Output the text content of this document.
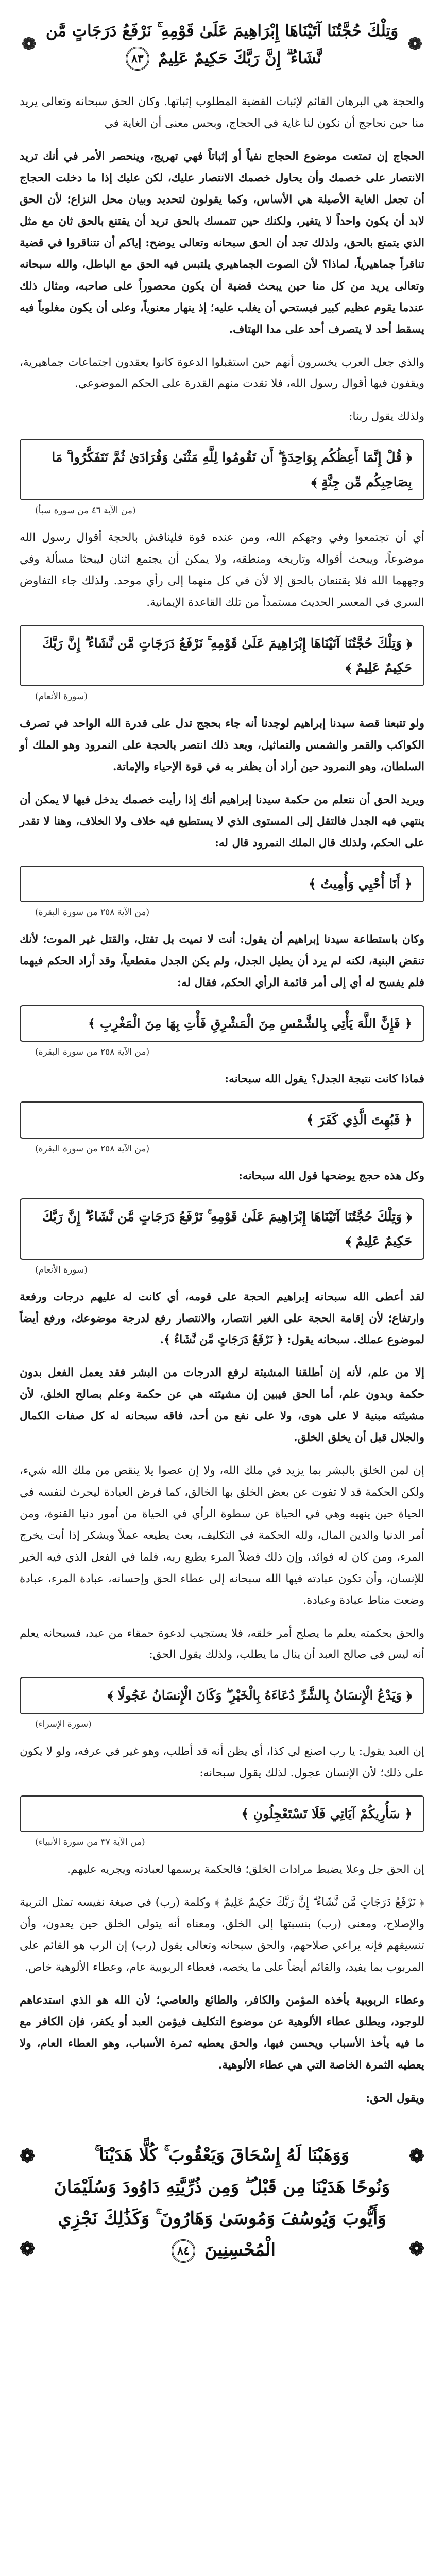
❁
وَتِلْكَ حُجَّتُنَا آتَيْنَاهَا إِبْرَاهِيمَ عَلَىٰ قَوْمِهِ ۚ نَرْفَعُ دَرَجَاتٍ مَّن نَّشَاءُ ۗ إِنَّ رَبَّكَ حَكِيمٌ عَلِيمٌ ٨٣
❁

والحجة هي البرهان القائم لإثبات القضية المطلوب إثباتها. وكان الحق سبحانه وتعالى يريد منا حين نحاجج أن نكون لنا غاية في الحجاج، وبحس معنى أن الغاية في

الحجاج إن تمتعت موضوع الحجاج نفياً أو إثباتاً فهي تهريج، وينحصر الأمر في أنك تريد الانتصار على خصمك وأن يحاول خصمك الانتصار عليك، لكن عليك إذا ما دخلت الحجاج أن تجعل الغاية الأصيلة هي الأساس، وكما يقولون لتحديد وبيان محل النزاع؛ لأن الحق لابد أن يكون واحداً لا يتغير، ولكنك حين تتمسك بالحق تريد أن يقتنع بالحق ثان مع مثل الذي يتمتع بالحق، ولذلك تجد أن الحق سبحانه وتعالى يوضح: إياكم أن تتناقروا في قضية تناقراً جماهيرياً، لماذا؟ لأن الصوت الجماهيري يلتبس فيه الحق مع الباطل، والله سبحانه وتعالى يريد من كل منا حين يبحث قضية أن يكون محصوراً على صاحبه، ومثال ذلك عندما يقوم عظيم كبير فيستحي أن يغلب عليه؛ إذ ينهار معنوياً، وعلى أن يكون مغلوباً فيه يسقط أحد لا يتصرف أحد على مدا الهتاف.

والذي جعل العرب يخسرون أنهم حين استقبلوا الدعوة كانوا يعقدون اجتماعات جماهيرية، ويقفون فيها أقوال رسول الله، فلا تقدت منهم القدرة على الحكم الموضوعي.

ولذلك يقول ربنا:

﴿ قُلْ إِنَّمَا أَعِظُكُم بِوَاحِدَةٍ ۖ أَن تَقُومُوا لِلَّهِ مَثْنَىٰ وَفُرَادَىٰ ثُمَّ تَتَفَكَّرُوا ۚ مَا بِصَاحِبِكُم مِّن جِنَّةٍ ﴾
(من الآية ٤٦ من سورة سبأ)

أي أن تجتمعوا وفي وجهكم الله، ومن عنده قوة فليناقش بالحجة أقوال رسول الله موضوعاً، ويبحث أقواله وتاريخه ومنطقه، ولا يمكن أن يجتمع اثنان ليبحثا مسألة وفي وجههما الله فلا يقتنعان بالحق إلا لأن في كل منهما إلى رأي موحد. ولذلك جاء التفاوض السري في المعسر الحديث مستمداً من تلك القاعدة الإيمانية.

﴿ وَتِلْكَ حُجَّتُنَا آتَيْنَاهَا إِبْرَاهِيمَ عَلَىٰ قَوْمِهِ ۚ نَرْفَعُ دَرَجَاتٍ مَّن نَّشَاءُ ۗ إِنَّ رَبَّكَ حَكِيمٌ عَلِيمٌ ﴾
(سورة الأنعام)

ولو تتبعنا قصة سيدنا إبراهيم لوجدنا أنه جاء بحجج تدل على قدرة الله الواحد في تصرف الكواكب والقمر والشمس والتماثيل، وبعد ذلك انتصر بالحجة على النمرود وهو الملك أو السلطان، وهو النمرود حين أراد أن يظفر به في قوة الإحياء والإماتة.

ويريد الحق أن نتعلم من حكمة سيدنا إبراهيم أنك إذا رأيت خصمك يدخل فيها لا يمكن أن ينتهي فيه الجدل فالتقل إلى المستوى الذي لا يستطيع فيه خلاف ولا الخلاف، وهنا لا تقدر على الحكم، ولذلك قال الملك النمرود قال له:

﴿ أَنَا أُحْيِي وَأُمِيتُ ﴾
(من الآية ٢٥٨ من سورة البقرة)

وكان باستطاعة سيدنا إبراهيم أن يقول: أنت لا تميت بل تقتل، والقتل غير الموت؛ لأنك تنقض البنية، لكنه لم يرد أن يطيل الجدل، ولم يكن الجدل مقطعياً، وقد أراد الحكم فيهما فلم يفسح له أي إلى أمر قائمة الرأي الحكم، فقال له:

﴿ فَإِنَّ اللَّهَ يَأْتِي بِالشَّمْسِ مِنَ الْمَشْرِقِ فَأْتِ بِهَا مِنَ الْمَغْرِبِ ﴾
(من الآية ٢٥٨ من سورة البقرة)

فماذا كانت نتيجة الجدل؟ يقول الله سبحانه:

﴿ فَبُهِتَ الَّذِي كَفَرَ ﴾
(من الآية ٢٥٨ من سورة البقرة)

وكل هذه حجج يوضحها قول الله سبحانه:

﴿ وَتِلْكَ حُجَّتُنَا آتَيْنَاهَا إِبْرَاهِيمَ عَلَىٰ قَوْمِهِ ۚ نَرْفَعُ دَرَجَاتٍ مَّن نَّشَاءُ ۗ إِنَّ رَبَّكَ حَكِيمٌ عَلِيمٌ ﴾
(سورة الأنعام)

لقد أعطى الله سبحانه إبراهيم الحجة على قومه، أي كانت له عليهم درجات ورفعة وارتفاع؛ لأن إقامة الحجة على الغير انتصار، والانتصار رفع لدرجة موضوعك، ورفع أيضاً لموضوع عملك. سبحانه يقول: ﴿ نَرْفَعُ دَرَجَاتٍ مَّن نَّشَاءُ ﴾.

إلا من علم، لأنه إن أطلقنا المشيئة لرفع الدرجات من البشر فقد يعمل الفعل بدون حكمة وبدون علم، أما الحق فيبين إن مشيئته هي عن حكمة وعلم بصالح الخلق، لأن مشيئته مبنية لا على هوى، ولا على نفع من أحد، فاقه سبحانه له كل صفات الكمال والجلال قبل أن يخلق الخلق.

إن لمن الخلق بالبشر بما يزيد في ملك الله، ولا إن عصوا يلا ينقص من ملك الله شيء، ولكن الحكمة قد لا تفوت عن بعض الخلق بها الخالق، كما فرض العبادة ليحرث لنفسه في الحياة حين ينهيه وهي في الحياة عن سطوة الرأي في الحياة من أمور دنيا القنوة، ومن أمر الدنيا والدين المال، ولله الحكمة في التكليف، بعث يطيعه عملاً ويشكر إذا أبت يخرج المرء، ومن كان له فوائد، وإن ذلك فضلاً المرء يطيع ربه، فلما في الفعل الذي فيه الخير للإنسان، وأن تكون عبادته فيها الله سبحانه إلى عطاء الحق وإحسانه، عبادة المرء، عبادة وضعت مناط عبادة وعبادة.

والحق بحكمته يعلم ما يصلح أمر خلقه، فلا يستجيب لدعوة حمقاء من عبد، فسبحانه يعلم أنه ليس في صالح العبد أن ينال ما يطلب، ولذلك يقول الحق:

﴿ وَيَدْعُ الْإِنسَانُ بِالشَّرِّ دُعَاءَهُ بِالْخَيْرِ ۖ وَكَانَ الْإِنسَانُ عَجُولًا ﴾
(سورة الإسراء)

إن العبد يقول: يا رب اصنع لي كذا، أي يظن أنه قد أطلب، وهو غير في عرفه، ولو لا يكون على ذلك؛ لأن الإنسان عجول. لذلك يقول سبحانه:

﴿ سَأُرِيكُمْ آيَاتِي فَلَا تَسْتَعْجِلُونِ ﴾
(من الآية ٣٧ من سورة الأنبياء)

إن الحق جل وعلا يضبط مرادات الخلق؛ فالحكمة يرسمها لعبادته ويجريه عليهم.

﴿ نَرْفَعُ دَرَجَاتٍ مَّن نَّشَاءُ ۗ إِنَّ رَبَّكَ حَكِيمٌ عَلِيمٌ ﴾ وكلمة (رب) في صيغة نفيسه تمثل التربية والإصلاح، ومعنى (رب) بنسبتها إلى الخلق، ومعناه أنه يتولى الخلق حين يعدون، وأن تنسيقهم فإنه يراعي صلاحهم، والحق سبحانه وتعالى يقول (رب) إن الرب هو القائم على المربوب بما يفيد، والقائم أيضاً على ما يخصه، فعطاء الربوبية عام، وعطاء الألوهية خاص.

وعطاء الربوبية يأخذه المؤمن والكافر، والطائع والعاصي؛ لأن الله هو الذي استدعاهم للوجود، ويطلق عطاء الألوهية عن موضوع التكليف فيؤمن العبد أو يكفر، فإن الكافر مع ما فيه يأخذ الأسباب ويحسن فيها، والحق يعطيه ثمرة الأسباب، وهو العطاء العام، ولا يعطيه الثمرة الخاصة التي هي عطاء الألوهية.

ويقول الحق:

❁
❁	وَوَهَبْنَا لَهُ إِسْحَاقَ وَيَعْقُوبَ ۚ كُلًّا هَدَيْنَا ۚ
وَنُوحًا هَدَيْنَا مِن قَبْلُ ۖ وَمِن ذُرِّيَّتِهِ دَاوُودَ وَسُلَيْمَانَ
وَأَيُّوبَ وَيُوسُفَ وَمُوسَىٰ وَهَارُونَ ۚ وَكَذَٰلِكَ نَجْزِي
الْمُحْسِنِينَ ٨٤	❁
❁
